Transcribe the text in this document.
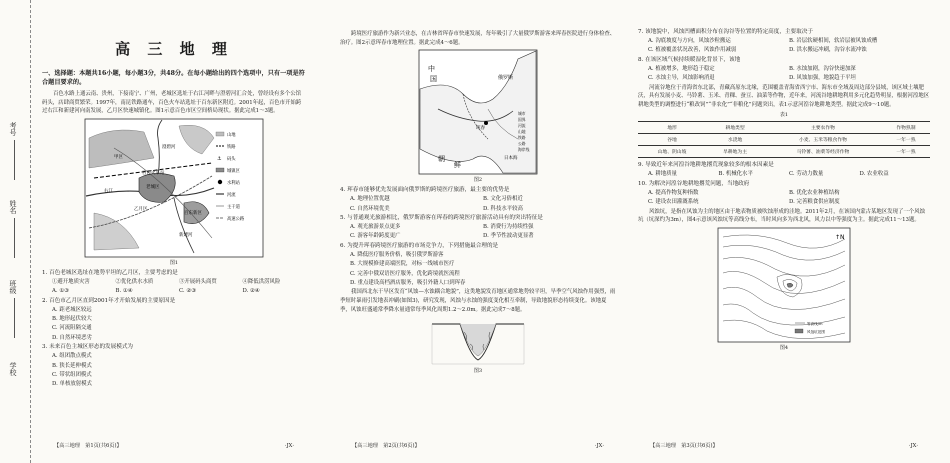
考号
姓名
班级
学校
高 三 地 理
一、选择题：本题共16小题，每小题3分，共48分。在每小题给出的四个选项中，只有一项是符合题目要求的。

百色水路上通云南、贵州，下接南宁、广州，老城区选址于右江河畔与澄碧河汇合处，曾经设有多个公馆码头，店肆商贸繁荣。1997年，南昆铁路通车，百色火车站选址于百东新区附近。2001年起，百色市开始跨过右江和新建河向南发展，乙月区快速城镇化。图1示意百色市区空间格局现状。据此完成1～3题。

百色火车站
右江
澄碧河
新建河
百东新区
老城区
乙月区
甲区
山地
铁路
⚓ 码头
城镇区
水利站
河流
主干道
高速公路
图1

1. 百色老城区选址在地势平坦的乙月区，主要考虑的是

①避开地质灾害	②优化供水水质	③开展码头商贸	④降低洪涝风险
A. ①③	B. ①④	C. ②③	D. ②④

2. 百色市乙月区直到2001年才开始发展的主要原因是

A. 距老城区较远

B. 地形起伏较大

C. 河流阻隔交通

D. 自然环境恶劣

3. 未来百色主城区形态的发展模式为

A. 组团散点模式

B. 狭长延伸模式

C. 带状组团模式

D. 单核放射模式

【高三地理　第1页(共6页)】	·JX·

跨境医疗旅游作为新兴业态，在吉林省珲春市快速发展，每年吸引了大量俄罗斯游客来珲春医院进行身体检查、治疗。图2示意珲春市地理位置。据此完成4～6题。

中
国	俄罗斯
珲春
朝
鲜
日本海
城市
国界
河流
山地
铁路
公路
海岸线
图2

4. 珲春市能够优先发展面向俄罗斯的跨境医疗旅游，最主要的优势是

A. 地理位置优越	B. 文化习俗相近
C. 自然环境优美	D. 科技水平较高

5. 与普通观光旅游相比，俄罗斯游客在珲春的跨境医疗旅游活动具有的突出特征是

A. 观光旅游景点更多	B. 消费行为持续性强
C. 游客年龄跨度更广	D. 季节性波动更显著

6. 为提升珲春跨境医疗旅游的市场竞争力，下列措施最合理的是

A. 降低医疗服务价格，吸引俄罗斯游客

B. 大规模修建高端医院，对标一线城市医疗

C. 完善中俄双语医疗服务，优化跨境就医流程

D. 重点建设高档酒店服务，吸引外籍人口到珲春

我国西北东干旱区发育“风蚀—水蚀耦合地貌”，这类地貌发育地区通常地势较平坦，旱季空气风蚀作用强烈，雨季短时暴雨引发地表冲刷(如图3)，研究发现，风蚀与水蚀的强度变化相互牵制，导致地貌形态持续变化。该地夏季，风蚀旺盛通常季降水量通常每季风化周期1.2～2.0m。据此完成7～8题。

图3
【高三地理　第2页(共6页)】	·JX·

7. 该地貌中，风蚀凹槽面积分布在沟谷等位置的特定高度，主要取决于

A. 沟底坡度与方向，风蚀沙粒搬运	B. 岩层软硬相间，软岩层被风蚀成槽
C. 植被覆盖状况改善，风蚀作用减弱	D. 洪水搬运冲刷，沟谷水流冲蚀

8. 在该区域气候持续暖湿化背景下，该地

A. 植被增多，地形趋于稳定	B. 水蚀加剧，沟谷快速加深
C. 水蚀主导，风蚀影响消退	D. 风蚀加强，地貌趋于平坦

河流谷地位于青海省东北部，青藏高原东北缘，范围覆盖青海省西宁市、海东市全域及周边部分县域，该区域土壤肥沃，具有发展小麦、马铃薯、玉米、青稞、蚕豆、油菜等作物，近年来，河流谷地耕地利用多元化趋势明显，根据河湟地区耕地类型的调整进行“粮改饲”“非农化”“非粮化”问题突出，表1示意河湟谷地耕地类型。据此完成9～10题。

表1
地形	耕地类型	主要农作物	作物熟制
谷地	水浇地	小麦、玉米等粮食作物	一年一熟
山地、阴山坡	旱耕地为主	马铃薯、油菜等经济作物	一年一熟

9. 导致近年来河湟谷地耕地撂荒现象较多的根本因素是

A. 耕地质量	B. 机械化水平	C. 劳动力数量	D. 农业收益

10. 为解决河湟谷地耕地撂荒问题，当地政府

A. 提高作物复种指数	B. 优化农业种植结构
C. 建设农田灌溉系统	D. 完善粮食供应制度

风蚀坑，是指在风蚀为主的地区由于地表物质被吹蚀形成的洼地。2011年2月，在该国内蒙古某地区发现了一个风蚀坑（坑深约为3m），图4示意该风蚀坑等高线分布，当时风向多为西北风，风力以中等强度为主。据此完成11～13题。

等高线/m
风蚀坑范围
↑N
图4
【高三地理　第3页(共6页)】	·JX·
